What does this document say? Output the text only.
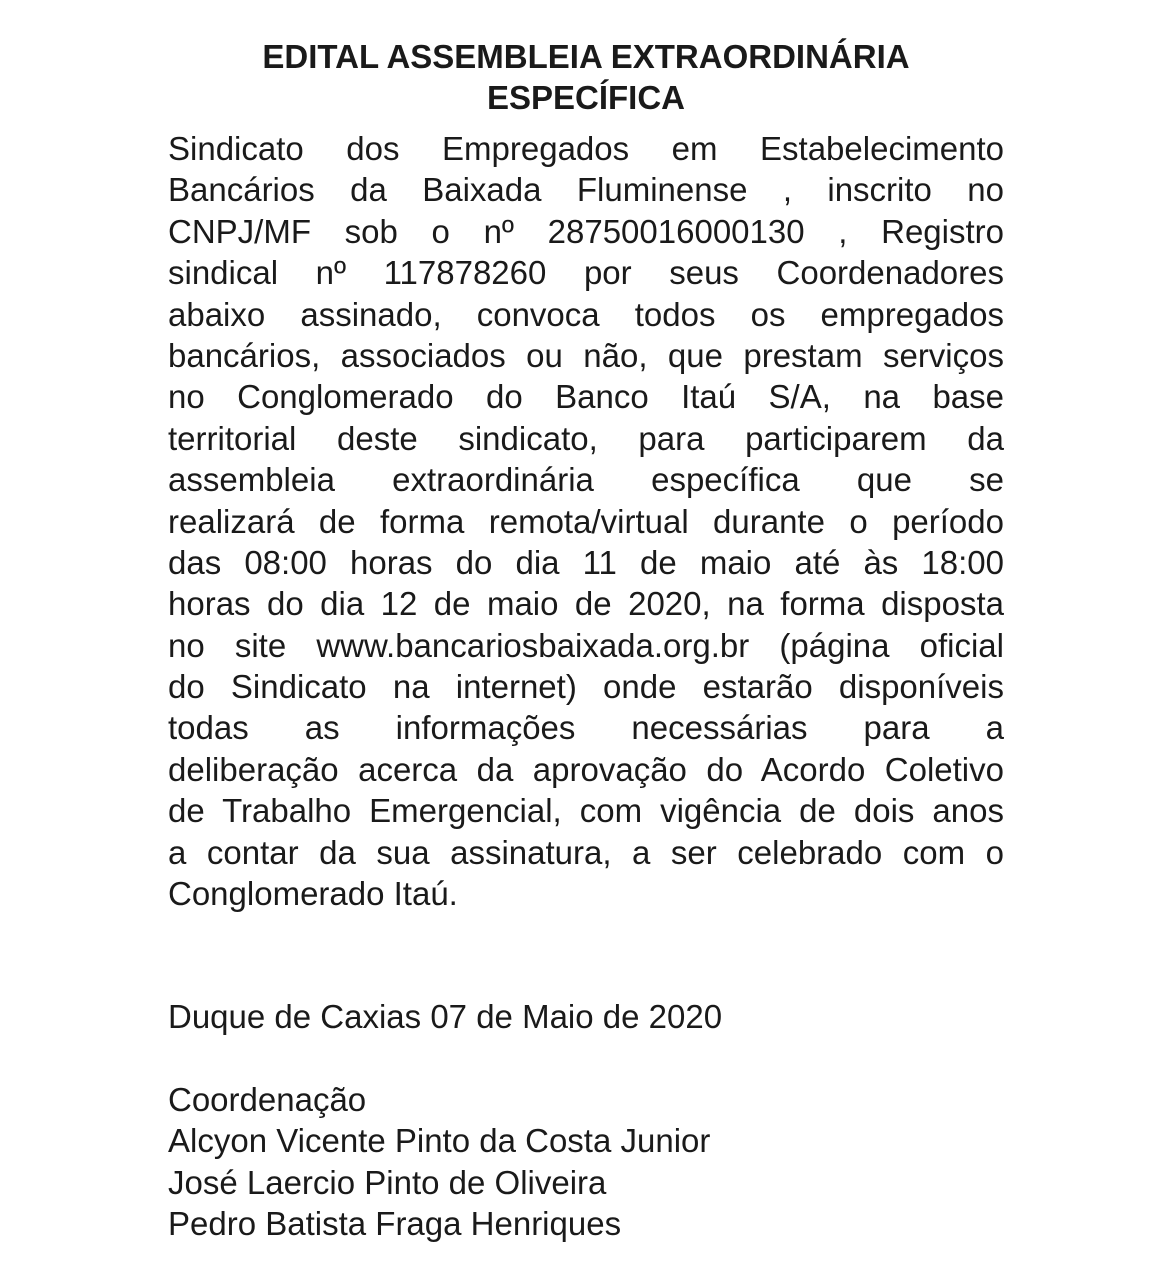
EDITAL ASSEMBLEIA EXTRAORDINÁRIA
ESPECÍFICA
Sindicato dos Empregados em Estabelecimento
Bancários da Baixada Fluminense , inscrito no
CNPJ/MF sob o nº 28750016000130 , Registro
sindical nº 117878260 por seus Coordenadores
abaixo assinado, convoca todos os empregados
bancários, associados ou não, que prestam serviços
no Conglomerado do Banco Itaú S/A, na base
territorial deste sindicato, para participarem da
assembleia extraordinária específica que se
realizará de forma remota/virtual durante o período
das 08:00 horas do dia 11 de maio até às 18:00
horas do dia 12 de maio de 2020, na forma disposta
no site www.bancariosbaixada.org.br (página oficial
do Sindicato na internet) onde estarão disponíveis
todas as informações necessárias para a
deliberação acerca da aprovação do Acordo Coletivo
de Trabalho Emergencial, com vigência de dois anos
a contar da sua assinatura, a ser celebrado com o
Conglomerado Itaú.
Duque de Caxias 07 de Maio de 2020
Coordenação
Alcyon Vicente Pinto da Costa Junior
José Laercio Pinto de Oliveira
Pedro Batista Fraga Henriques
